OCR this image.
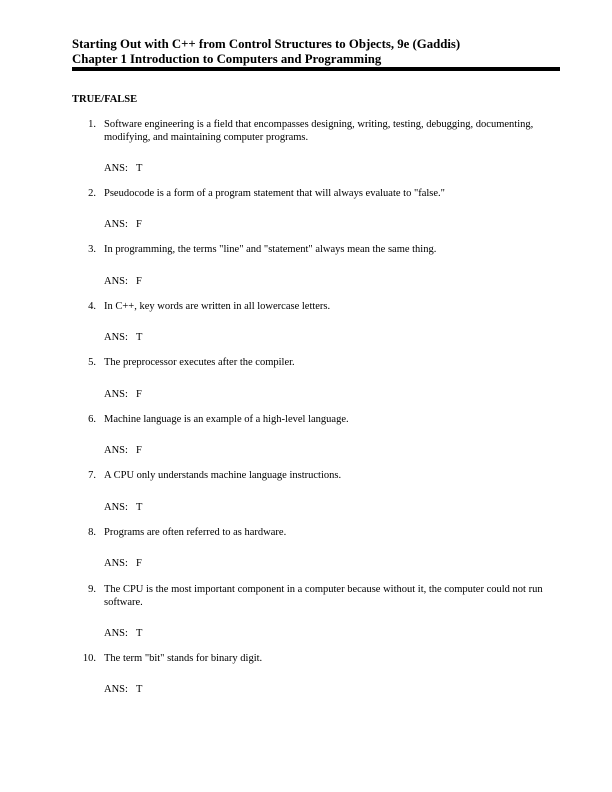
Starting Out with C++ from Control Structures to Objects, 9e (Gaddis)
Chapter 1 Introduction to Computers and Programming
TRUE/FALSE
1. Software engineering is a field that encompasses designing, writing, testing, debugging, documenting, modifying, and maintaining computer programs.
ANS: T
2. Pseudocode is a form of a program statement that will always evaluate to "false."
ANS: F
3. In programming, the terms "line" and "statement" always mean the same thing.
ANS: F
4. In C++, key words are written in all lowercase letters.
ANS: T
5. The preprocessor executes after the compiler.
ANS: F
6. Machine language is an example of a high-level language.
ANS: F
7. A CPU only understands machine language instructions.
ANS: T
8. Programs are often referred to as hardware.
ANS: F
9. The CPU is the most important component in a computer because without it, the computer could not run software.
ANS: T
10. The term "bit" stands for binary digit.
ANS: T
